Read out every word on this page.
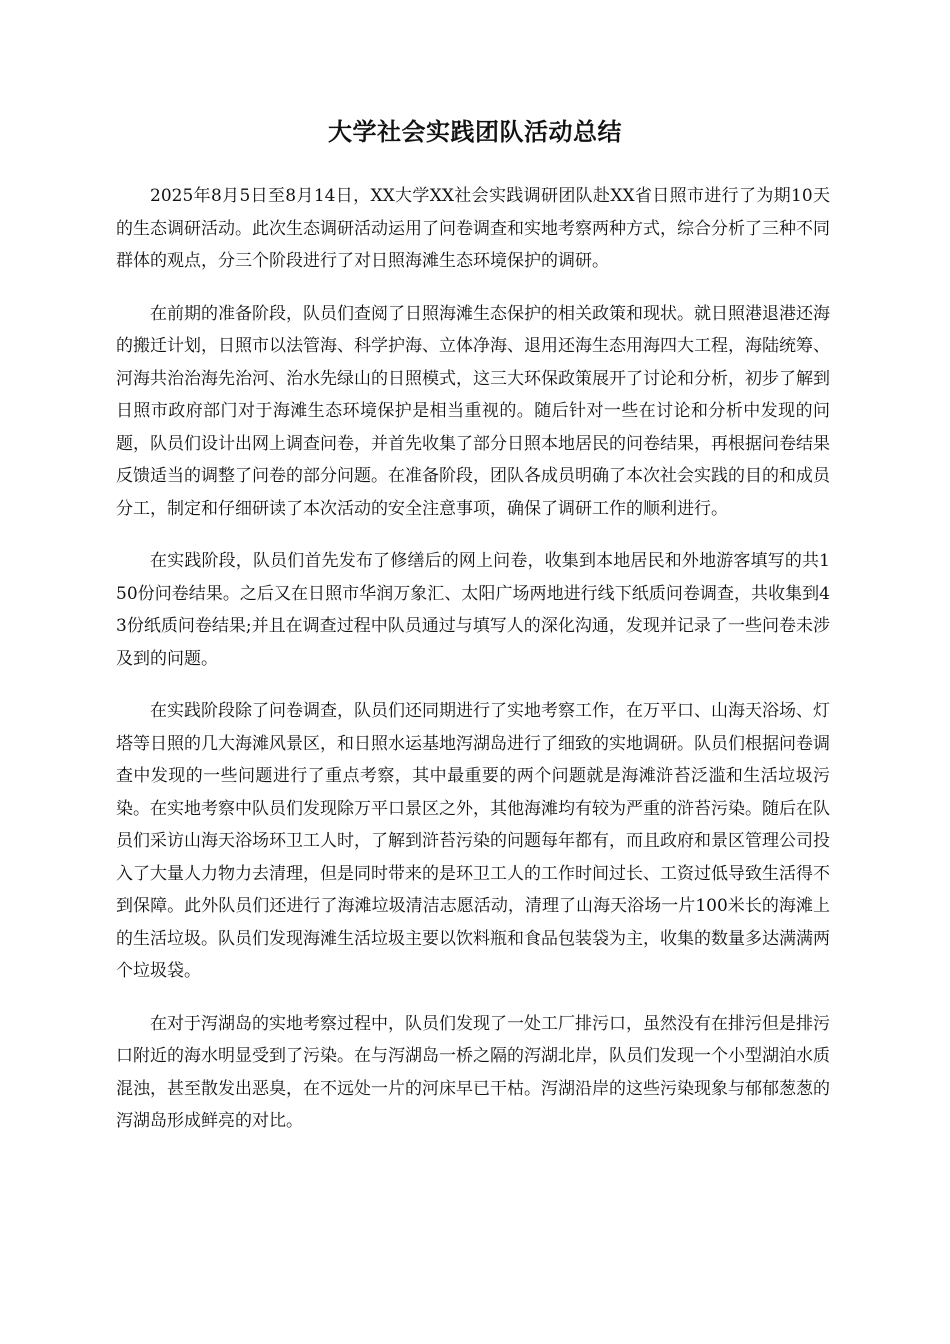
大学社会实践团队活动总结

2025年8月5日至8月14日，XX大学XX社会实践调研团队赴XX省日照市进行了为期10天的生态调研活动。此次生态调研活动运用了问卷调查和实地考察两种方式，综合分析了三种不同群体的观点，分三个阶段进行了对日照海滩生态环境保护的调研。

在前期的准备阶段，队员们查阅了日照海滩生态保护的相关政策和现状。就日照港退港还海的搬迁计划，日照市以法管海、科学护海、立体净海、退用还海生态用海四大工程，海陆统筹、河海共治治海先治河、治水先绿山的日照模式，这三大环保政策展开了讨论和分析，初步了解到日照市政府部门对于海滩生态环境保护是相当重视的。随后针对一些在讨论和分析中发现的问题，队员们设计出网上调查问卷，并首先收集了部分日照本地居民的问卷结果，再根据问卷结果反馈适当的调整了问卷的部分问题。在准备阶段，团队各成员明确了本次社会实践的目的和成员分工，制定和仔细研读了本次活动的安全注意事项，确保了调研工作的顺利进行。

在实践阶段，队员们首先发布了修缮后的网上问卷，收集到本地居民和外地游客填写的共150份问卷结果。之后又在日照市华润万象汇、太阳广场两地进行线下纸质问卷调查，共收集到43份纸质问卷结果;并且在调查过程中队员通过与填写人的深化沟通，发现并记录了一些问卷未涉及到的问题。

在实践阶段除了问卷调查，队员们还同期进行了实地考察工作，在万平口、山海天浴场、灯塔等日照的几大海滩风景区，和日照水运基地泻湖岛进行了细致的实地调研。队员们根据问卷调查中发现的一些问题进行了重点考察，其中最重要的两个问题就是海滩浒苔泛滥和生活垃圾污染。在实地考察中队员们发现除万平口景区之外，其他海滩均有较为严重的浒苔污染。随后在队员们采访山海天浴场环卫工人时，了解到浒苔污染的问题每年都有，而且政府和景区管理公司投入了大量人力物力去清理，但是同时带来的是环卫工人的工作时间过长、工资过低导致生活得不到保障。此外队员们还进行了海滩垃圾清洁志愿活动，清理了山海天浴场一片100米长的海滩上的生活垃圾。队员们发现海滩生活垃圾主要以饮料瓶和食品包装袋为主，收集的数量多达满满两个垃圾袋。

在对于泻湖岛的实地考察过程中，队员们发现了一处工厂排污口，虽然没有在排污但是排污口附近的海水明显受到了污染。在与泻湖岛一桥之隔的泻湖北岸，队员们发现一个小型湖泊水质混浊，甚至散发出恶臭，在不远处一片的河床早已干枯。泻湖沿岸的这些污染现象与郁郁葱葱的泻湖岛形成鲜亮的对比。
